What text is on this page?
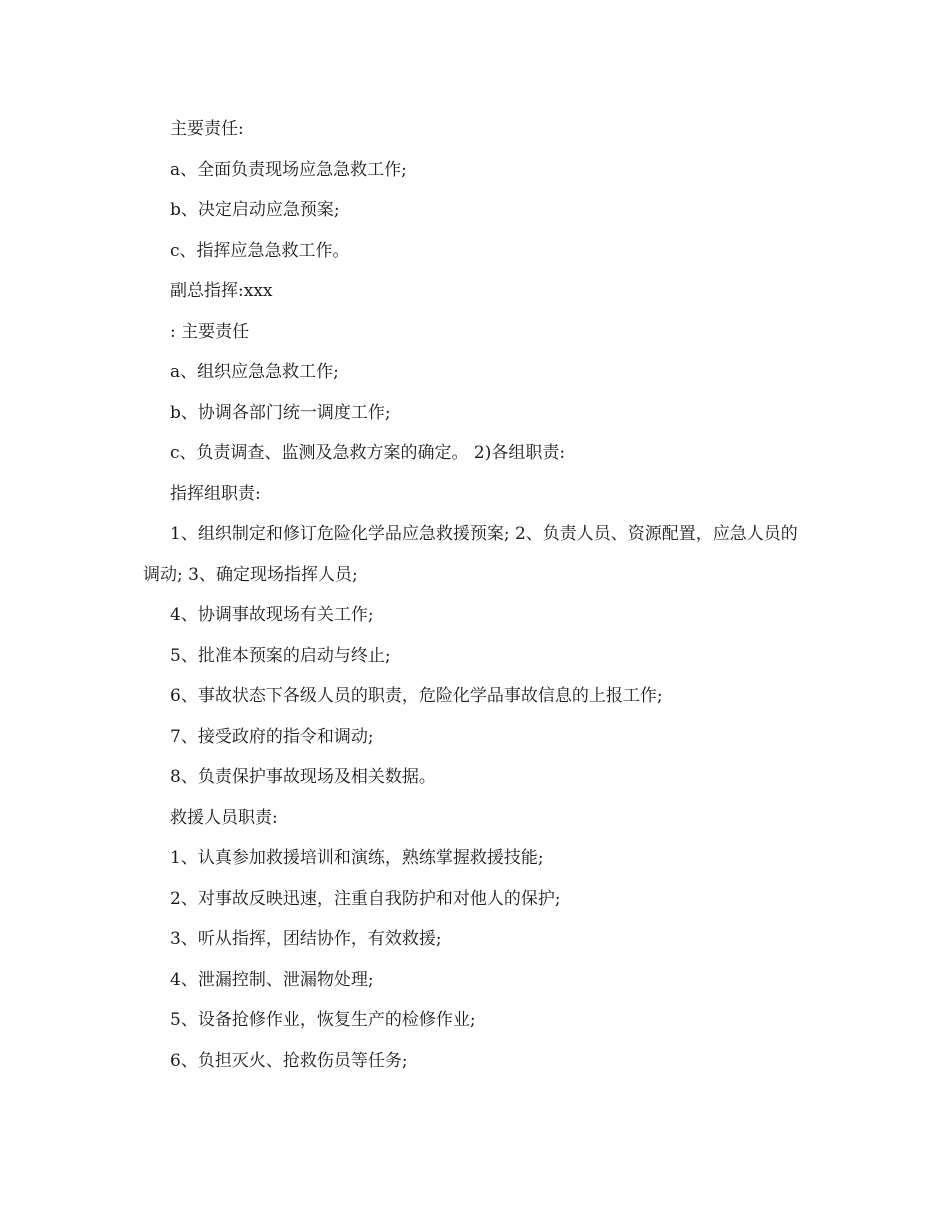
主要责任:

a、全面负责现场应急急救工作;

b、决定启动应急预案;

c、指挥应急急救工作。

副总指挥:xxx

: 主要责任

a、组织应急急救工作;

b、协调各部门统一调度工作;

c、负责调查、监测及急救方案的确定。 2)各组职责:

指挥组职责:

1、组织制定和修订危险化学品应急救援预案; 2、负责人员、资源配置，应急人员的调动; 3、确定现场指挥人员;

4、协调事故现场有关工作;

5、批准本预案的启动与终止;

6、事故状态下各级人员的职责，危险化学品事故信息的上报工作;

7、接受政府的指令和调动;

8、负责保护事故现场及相关数据。

救援人员职责:

1、认真参加救援培训和演练，熟练掌握救援技能;

2、对事故反映迅速，注重自我防护和对他人的保护;

3、听从指挥，团结协作，有效救援;

4、泄漏控制、泄漏物处理;

5、设备抢修作业，恢复生产的检修作业;

6、负担灭火、抢救伤员等任务;
